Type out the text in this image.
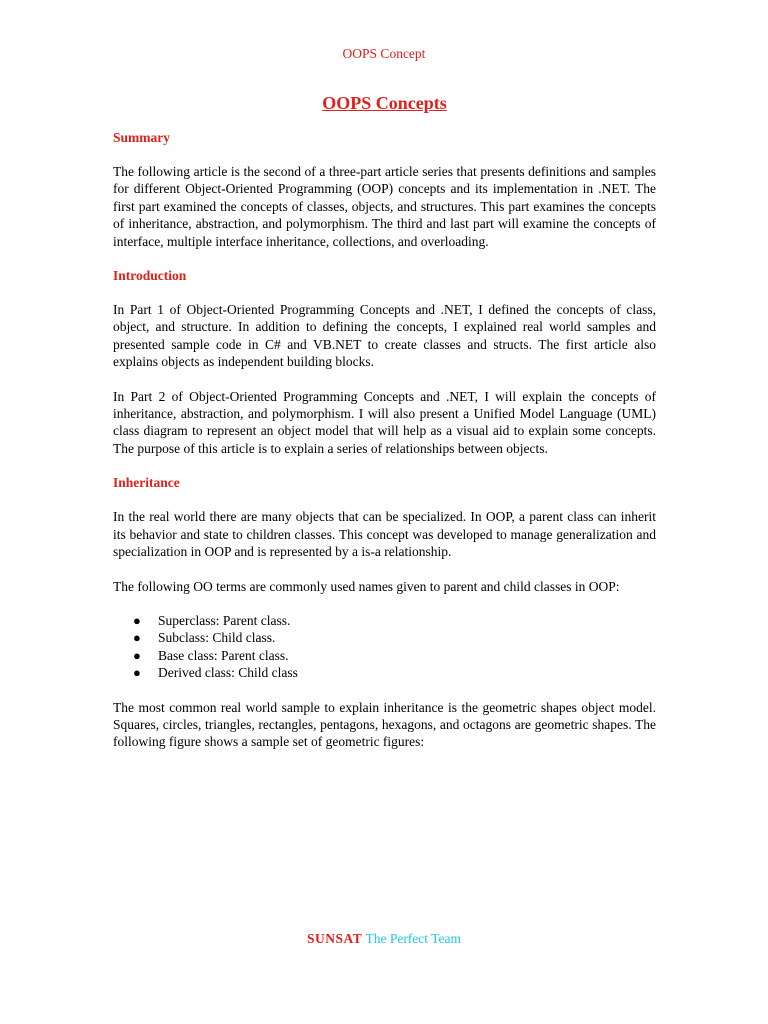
OOPS Concept
OOPS Concepts
Summary

The following article is the second of a three-part article series that presents definitions and samples for different Object-Oriented Programming (OOP) concepts and its implementation in .NET. The first part examined the concepts of classes, objects, and structures. This part examines the concepts of inheritance, abstraction, and polymorphism. The third and last part will examine the concepts of interface, multiple interface inheritance, collections, and overloading.

Introduction

In Part 1 of Object-Oriented Programming Concepts and .NET, I defined the concepts of class, object, and structure. In addition to defining the concepts, I explained real world samples and presented sample code in C# and VB.NET to create classes and structs. The first article also explains objects as independent building blocks.

In Part 2 of Object-Oriented Programming Concepts and .NET, I will explain the concepts of inheritance, abstraction, and polymorphism. I will also present a Unified Model Language (UML) class diagram to represent an object model that will help as a visual aid to explain some concepts. The purpose of this article is to explain a series of relationships between objects.

Inheritance

In the real world there are many objects that can be specialized. In OOP, a parent class can inherit its behavior and state to children classes. This concept was developed to manage generalization and specialization in OOP and is represented by a is-a relationship.

The following OO terms are commonly used names given to parent and child classes in OOP:

● Superclass: Parent class.
● Subclass: Child class.
● Base class: Parent class.
● Derived class: Child class

The most common real world sample to explain inheritance is the geometric shapes object model. Squares, circles, triangles, rectangles, pentagons, hexagons, and octagons are geometric shapes. The following figure shows a sample set of geometric figures:

SUNSAT The Perfect Team
